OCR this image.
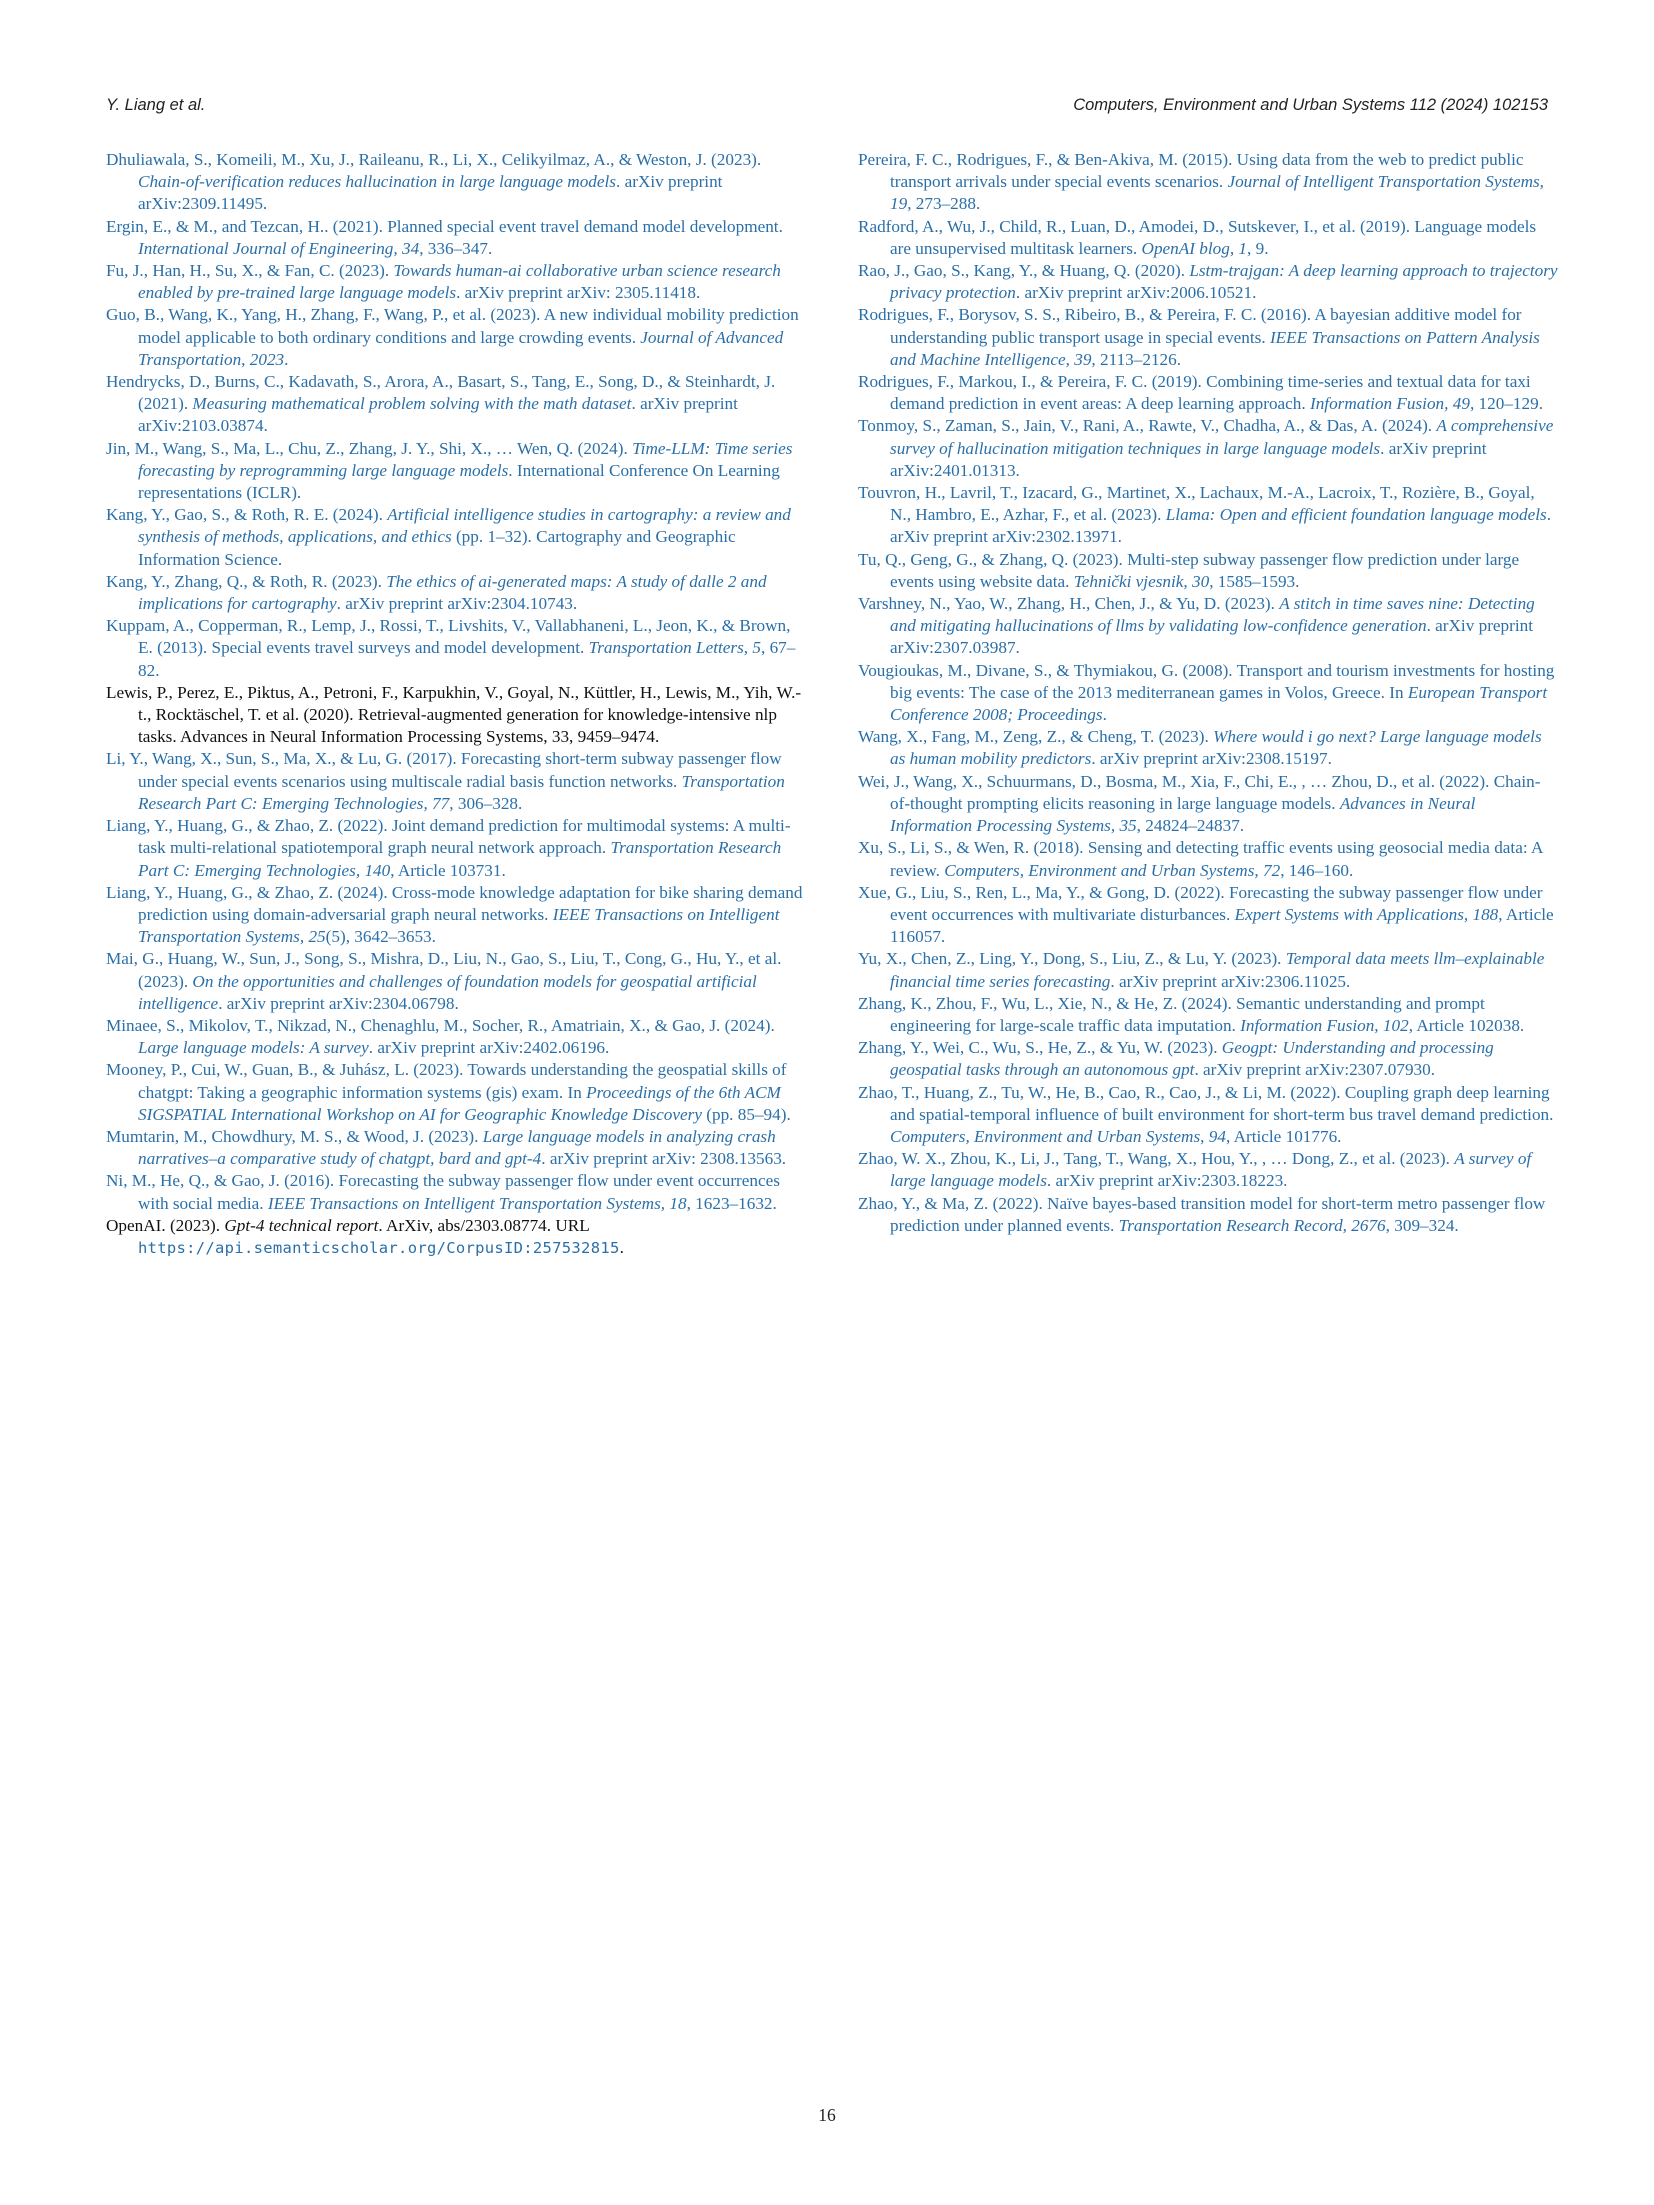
Y. Liang et al.	Computers, Environment and Urban Systems 112 (2024) 102153

Dhuliawala, S., Komeili, M., Xu, J., Raileanu, R., Li, X., Celikyilmaz, A., & Weston, J. (2023). Chain-of-verification reduces hallucination in large language models. arXiv preprint arXiv:2309.11495.

Ergin, E., & M., and Tezcan, H.. (2021). Planned special event travel demand model development. International Journal of Engineering, 34, 336–347.

Fu, J., Han, H., Su, X., & Fan, C. (2023). Towards human-ai collaborative urban science research enabled by pre-trained large language models. arXiv preprint arXiv: 2305.11418.

Guo, B., Wang, K., Yang, H., Zhang, F., Wang, P., et al. (2023). A new individual mobility prediction model applicable to both ordinary conditions and large crowding events. Journal of Advanced Transportation, 2023.

Hendrycks, D., Burns, C., Kadavath, S., Arora, A., Basart, S., Tang, E., Song, D., & Steinhardt, J. (2021). Measuring mathematical problem solving with the math dataset. arXiv preprint arXiv:2103.03874.

Jin, M., Wang, S., Ma, L., Chu, Z., Zhang, J. Y., Shi, X., … Wen, Q. (2024). Time-LLM: Time series forecasting by reprogramming large language models. International Conference On Learning representations (ICLR).

Kang, Y., Gao, S., & Roth, R. E. (2024). Artificial intelligence studies in cartography: a review and synthesis of methods, applications, and ethics (pp. 1–32). Cartography and Geographic Information Science.

Kang, Y., Zhang, Q., & Roth, R. (2023). The ethics of ai-generated maps: A study of dalle 2 and implications for cartography. arXiv preprint arXiv:2304.10743.

Kuppam, A., Copperman, R., Lemp, J., Rossi, T., Livshits, V., Vallabhaneni, L., Jeon, K., & Brown, E. (2013). Special events travel surveys and model development. Transportation Letters, 5, 67–82.

Lewis, P., Perez, E., Piktus, A., Petroni, F., Karpukhin, V., Goyal, N., Küttler, H., Lewis, M., Yih, W.-t., Rocktäschel, T. et al. (2020). Retrieval-augmented generation for knowledge-intensive nlp tasks. Advances in Neural Information Processing Systems, 33, 9459–9474.

Li, Y., Wang, X., Sun, S., Ma, X., & Lu, G. (2017). Forecasting short-term subway passenger flow under special events scenarios using multiscale radial basis function networks. Transportation Research Part C: Emerging Technologies, 77, 306–328.

Liang, Y., Huang, G., & Zhao, Z. (2022). Joint demand prediction for multimodal systems: A multi-task multi-relational spatiotemporal graph neural network approach. Transportation Research Part C: Emerging Technologies, 140, Article 103731.

Liang, Y., Huang, G., & Zhao, Z. (2024). Cross-mode knowledge adaptation for bike sharing demand prediction using domain-adversarial graph neural networks. IEEE Transactions on Intelligent Transportation Systems, 25(5), 3642–3653.

Mai, G., Huang, W., Sun, J., Song, S., Mishra, D., Liu, N., Gao, S., Liu, T., Cong, G., Hu, Y., et al. (2023). On the opportunities and challenges of foundation models for geospatial artificial intelligence. arXiv preprint arXiv:2304.06798.

Minaee, S., Mikolov, T., Nikzad, N., Chenaghlu, M., Socher, R., Amatriain, X., & Gao, J. (2024). Large language models: A survey. arXiv preprint arXiv:2402.06196.

Mooney, P., Cui, W., Guan, B., & Juhász, L. (2023). Towards understanding the geospatial skills of chatgpt: Taking a geographic information systems (gis) exam. In Proceedings of the 6th ACM SIGSPATIAL International Workshop on AI for Geographic Knowledge Discovery (pp. 85–94).

Mumtarin, M., Chowdhury, M. S., & Wood, J. (2023). Large language models in analyzing crash narratives–a comparative study of chatgpt, bard and gpt-4. arXiv preprint arXiv: 2308.13563.

Ni, M., He, Q., & Gao, J. (2016). Forecasting the subway passenger flow under event occurrences with social media. IEEE Transactions on Intelligent Transportation Systems, 18, 1623–1632.

OpenAI. (2023). Gpt-4 technical report. ArXiv, abs/2303.08774. URL https://api.semanticscholar.org/CorpusID:257532815.

Pereira, F. C., Rodrigues, F., & Ben-Akiva, M. (2015). Using data from the web to predict public transport arrivals under special events scenarios. Journal of Intelligent Transportation Systems, 19, 273–288.

Radford, A., Wu, J., Child, R., Luan, D., Amodei, D., Sutskever, I., et al. (2019). Language models are unsupervised multitask learners. OpenAI blog, 1, 9.

Rao, J., Gao, S., Kang, Y., & Huang, Q. (2020). Lstm-trajgan: A deep learning approach to trajectory privacy protection. arXiv preprint arXiv:2006.10521.

Rodrigues, F., Borysov, S. S., Ribeiro, B., & Pereira, F. C. (2016). A bayesian additive model for understanding public transport usage in special events. IEEE Transactions on Pattern Analysis and Machine Intelligence, 39, 2113–2126.

Rodrigues, F., Markou, I., & Pereira, F. C. (2019). Combining time-series and textual data for taxi demand prediction in event areas: A deep learning approach. Information Fusion, 49, 120–129.

Tonmoy, S., Zaman, S., Jain, V., Rani, A., Rawte, V., Chadha, A., & Das, A. (2024). A comprehensive survey of hallucination mitigation techniques in large language models. arXiv preprint arXiv:2401.01313.

Touvron, H., Lavril, T., Izacard, G., Martinet, X., Lachaux, M.-A., Lacroix, T., Rozière, B., Goyal, N., Hambro, E., Azhar, F., et al. (2023). Llama: Open and efficient foundation language models. arXiv preprint arXiv:2302.13971.

Tu, Q., Geng, G., & Zhang, Q. (2023). Multi-step subway passenger flow prediction under large events using website data. Tehnički vjesnik, 30, 1585–1593.

Varshney, N., Yao, W., Zhang, H., Chen, J., & Yu, D. (2023). A stitch in time saves nine: Detecting and mitigating hallucinations of llms by validating low-confidence generation. arXiv preprint arXiv:2307.03987.

Vougioukas, M., Divane, S., & Thymiakou, G. (2008). Transport and tourism investments for hosting big events: The case of the 2013 mediterranean games in Volos, Greece. In European Transport Conference 2008; Proceedings.

Wang, X., Fang, M., Zeng, Z., & Cheng, T. (2023). Where would i go next? Large language models as human mobility predictors. arXiv preprint arXiv:2308.15197.

Wei, J., Wang, X., Schuurmans, D., Bosma, M., Xia, F., Chi, E., , … Zhou, D., et al. (2022). Chain-of-thought prompting elicits reasoning in large language models. Advances in Neural Information Processing Systems, 35, 24824–24837.

Xu, S., Li, S., & Wen, R. (2018). Sensing and detecting traffic events using geosocial media data: A review. Computers, Environment and Urban Systems, 72, 146–160.

Xue, G., Liu, S., Ren, L., Ma, Y., & Gong, D. (2022). Forecasting the subway passenger flow under event occurrences with multivariate disturbances. Expert Systems with Applications, 188, Article 116057.

Yu, X., Chen, Z., Ling, Y., Dong, S., Liu, Z., & Lu, Y. (2023). Temporal data meets llm–explainable financial time series forecasting. arXiv preprint arXiv:2306.11025.

Zhang, K., Zhou, F., Wu, L., Xie, N., & He, Z. (2024). Semantic understanding and prompt engineering for large-scale traffic data imputation. Information Fusion, 102, Article 102038.

Zhang, Y., Wei, C., Wu, S., He, Z., & Yu, W. (2023). Geogpt: Understanding and processing geospatial tasks through an autonomous gpt. arXiv preprint arXiv:2307.07930.

Zhao, T., Huang, Z., Tu, W., He, B., Cao, R., Cao, J., & Li, M. (2022). Coupling graph deep learning and spatial-temporal influence of built environment for short-term bus travel demand prediction. Computers, Environment and Urban Systems, 94, Article 101776.

Zhao, W. X., Zhou, K., Li, J., Tang, T., Wang, X., Hou, Y., , … Dong, Z., et al. (2023). A survey of large language models. arXiv preprint arXiv:2303.18223.

Zhao, Y., & Ma, Z. (2022). Naïve bayes-based transition model for short-term metro passenger flow prediction under planned events. Transportation Research Record, 2676, 309–324.

16
